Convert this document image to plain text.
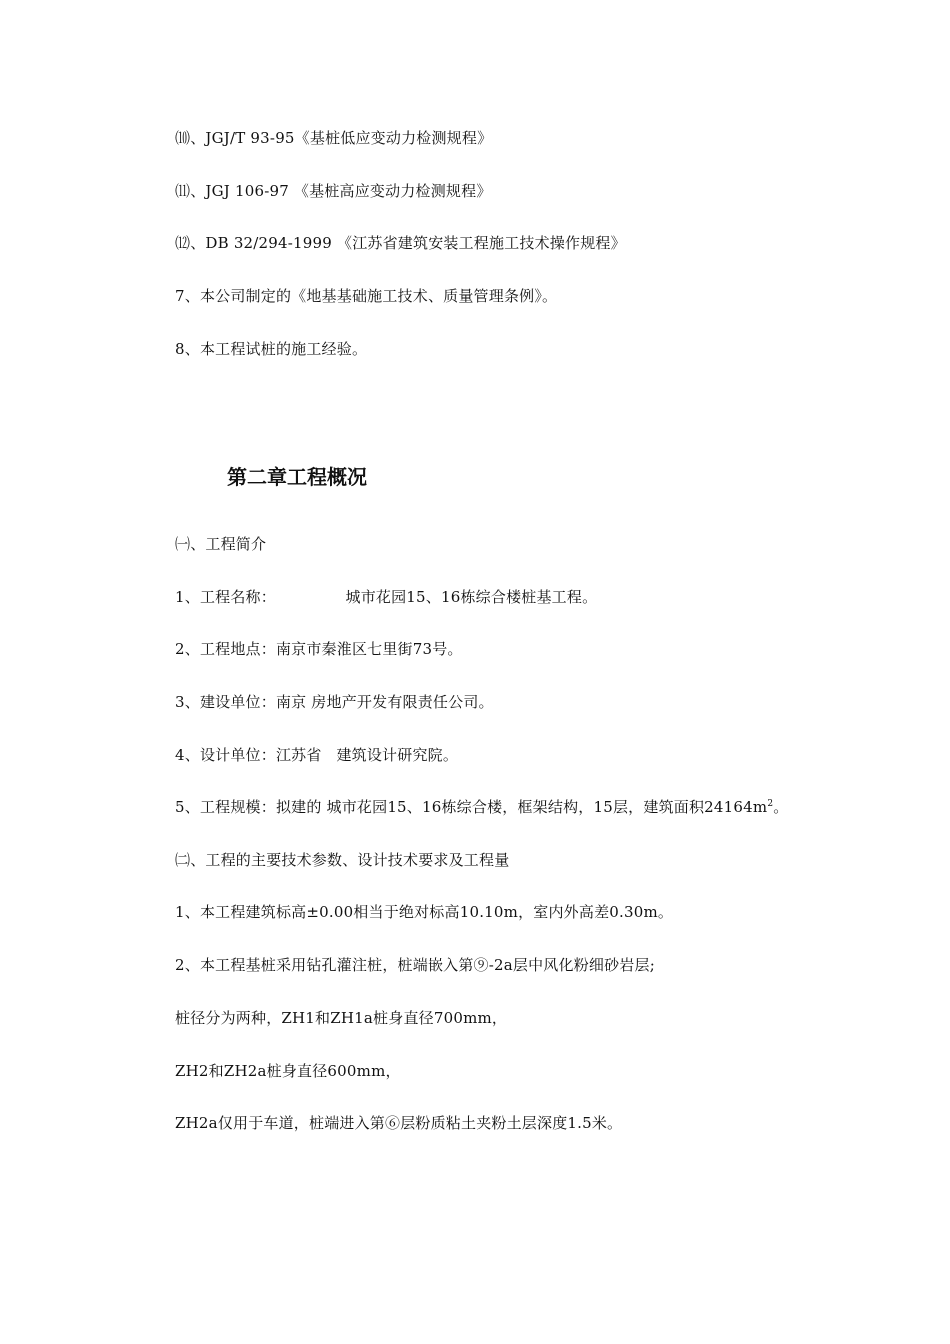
⑽、JGJ/T 93-95《基桩低应变动力检测规程》
⑾、JGJ 106-97 《基桩高应变动力检测规程》
⑿、DB 32/294-1999 《江苏省建筑安装工程施工技术操作规程》
7、本公司制定的《地基基础施工技术、质量管理条例》。
8、本工程试桩的施工经验。
第二章工程概况
㈠、工程简介
1、工程名称：              城市花园15、16栋综合楼桩基工程。
2、工程地点：南京市秦淮区七里街73号。
3、建设单位：南京 房地产开发有限责任公司。
4、设计单位：江苏省   建筑设计研究院。
5、工程规模：拟建的 城市花园15、16栋综合楼，框架结构，15层，建筑面积$24164m^2$。
㈡、工程的主要技术参数、设计技术要求及工程量
1、本工程建筑标高±0.00相当于绝对标高10.10m，室内外高差0.30m。
2、本工程基桩采用钻孔灌注桩，桩端嵌入第⑨-2a层中风化粉细砂岩层;
桩径分为两种，ZH1和ZH1a桩身直径700mm，
ZH2和ZH2a桩身直径600mm，
ZH2a仅用于车道，桩端进入第⑥层粉质粘土夹粉土层深度1.5米。
